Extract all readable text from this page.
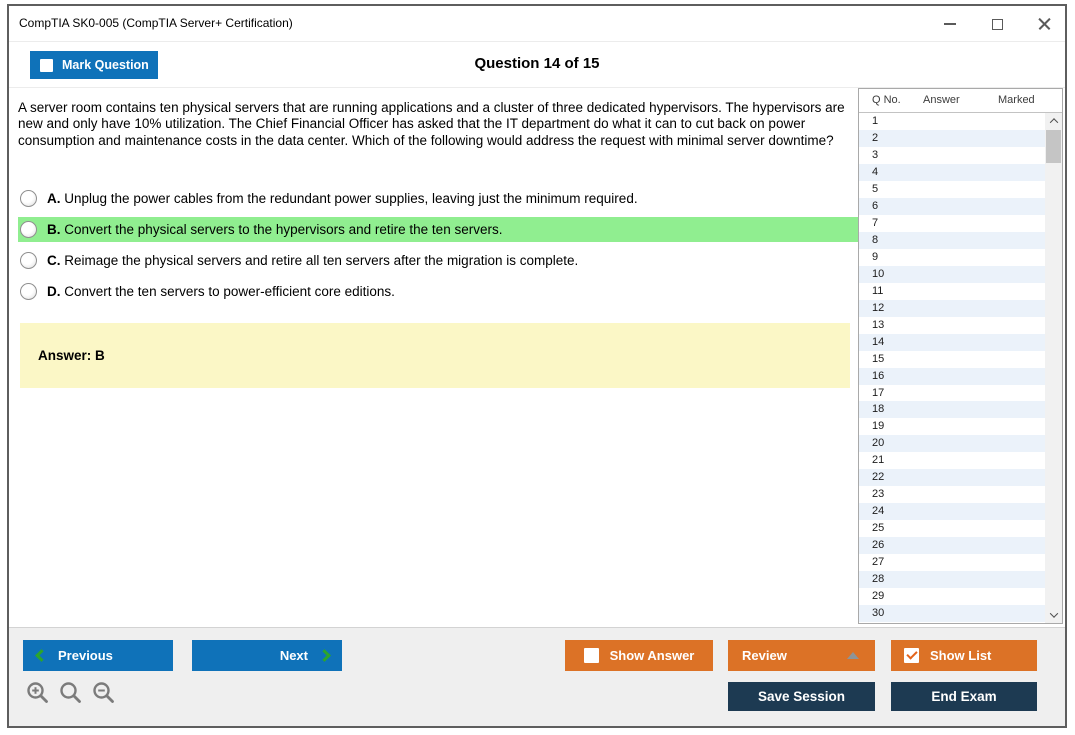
CompTIA SK0-005 (CompTIA Server+ Certification)
Mark Question	Question 14 of 15
A server room contains ten physical servers that are running applications and a cluster of three dedicated hypervisors. The hypervisors are new and only have 10% utilization. The Chief Financial Officer has asked that the IT department do what it can to cut back on power consumption and maintenance costs in the data center. Which of the following would address the request with minimal server downtime?
A. Unplug the power cables from the redundant power supplies, leaving just the minimum required.
B. Convert the physical servers to the hypervisors and retire the ten servers.
C. Reimage the physical servers and retire all ten servers after the migration is complete.
D. Convert the ten servers to power-efficient core editions.
Answer: B
Q No. Answer	Marked
1
2
3
4
5
6
7
8
9
10
11
12
13
14
15
16
17
18
19
20
21
22
23
24
25
26
27
28
29
30
Previous	Next	Show Answer	Review	Show List
Save Session	End Exam
